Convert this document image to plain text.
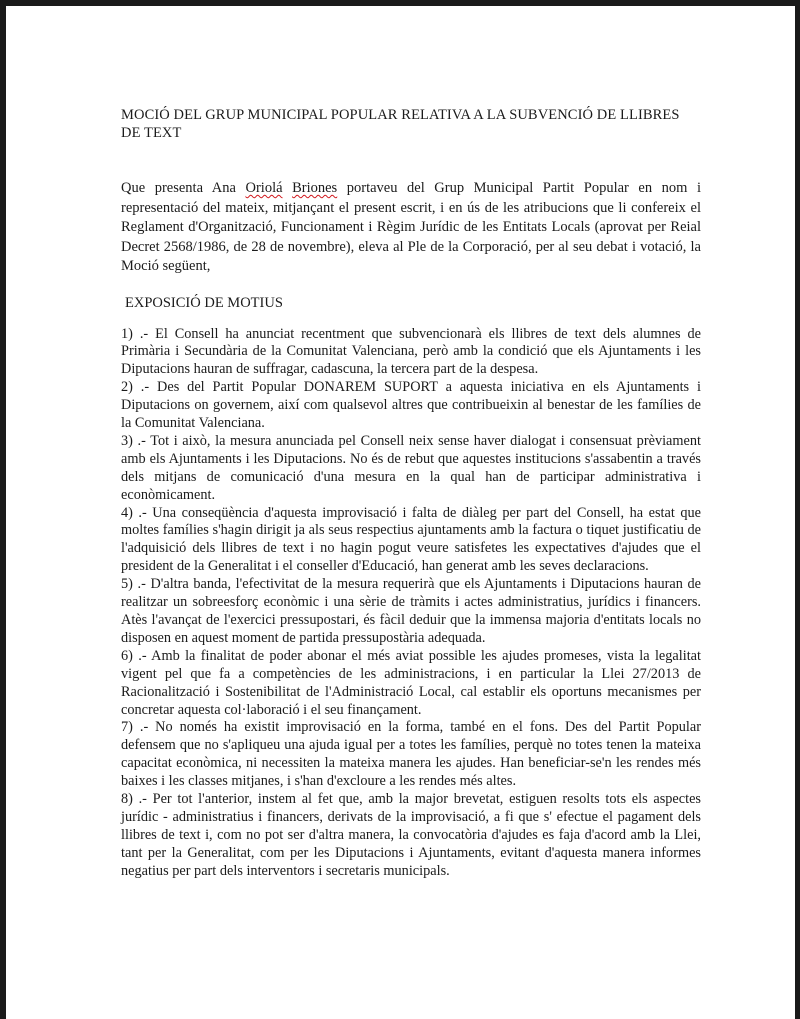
MOCIÓ DEL GRUP MUNICIPAL POPULAR RELATIVA A LA SUBVENCIÓ DE LLIBRES DE TEXT

Que presenta Ana Oriolá Briones portaveu del Grup Municipal Partit Popular en nom i representació del mateix, mitjançant el present escrit, i en ús de les atribucions que li confereix el Reglament d'Organització, Funcionament i Règim Jurídic de les Entitats Locals (aprovat per Reial Decret 2568/1986, de 28 de novembre), eleva al Ple de la Corporació, per al seu debat i votació, la Moció següent,

EXPOSICIÓ DE MOTIUS

1) .- El Consell ha anunciat recentment que subvencionarà els llibres de text dels alumnes de Primària i Secundària de la Comunitat Valenciana, però amb la condició que els Ajuntaments i les Diputacions hauran de suffragar, cadascuna, la tercera part de la despesa.

2) .- Des del Partit Popular DONAREM SUPORT a aquesta iniciativa en els Ajuntaments i Diputacions on governem, així com qualsevol altres que contribueixin al benestar de les famílies de la Comunitat Valenciana.

3) .- Tot i això, la mesura anunciada pel Consell neix sense haver dialogat i consensuat prèviament amb els Ajuntaments i les Diputacions. No és de rebut que aquestes institucions s'assabentin a través dels mitjans de comunicació d'una mesura en la qual han de participar administrativa i econòmicament.

4) .- Una conseqüència d'aquesta improvisació i falta de diàleg per part del Consell, ha estat que moltes famílies s'hagin dirigit ja als seus respectius ajuntaments amb la factura o tiquet justificatiu de l'adquisició dels llibres de text i no hagin pogut veure satisfetes les expectatives d'ajudes que el president de la Generalitat i el conseller d'Educació, han generat amb les seves declaracions.

5) .- D'altra banda, l'efectivitat de la mesura requerirà que els Ajuntaments i Diputacions hauran de realitzar un sobreesforç econòmic i una sèrie de tràmits i actes administratius, jurídics i financers. Atès l'avançat de l'exercici pressupostari, és fàcil deduir que la immensa majoria d'entitats locals no disposen en aquest moment de partida pressupostària adequada.

6) .- Amb la finalitat de poder abonar el més aviat possible les ajudes promeses, vista la legalitat vigent pel que fa a competències de les administracions, i en particular la Llei 27/2013 de Racionalització i Sostenibilitat de l'Administració Local, cal establir els oportuns mecanismes per concretar aquesta col·laboració i el seu finançament.

7) .- No només ha existit improvisació en la forma, també en el fons. Des del Partit Popular defensem que no s'apliqueu una ajuda igual per a totes les famílies, perquè no totes tenen la mateixa capacitat econòmica, ni necessiten la mateixa manera les ajudes. Han beneficiar-se'n les rendes més baixes i les classes mitjanes, i s'han d'excloure a les rendes més altes.

8) .- Per tot l'anterior, instem al fet que, amb la major brevetat, estiguen resolts tots els aspectes jurídic - administratius i financers, derivats de la improvisació, a fi que s' efectue el pagament dels llibres de text i, com no pot ser d'altra manera, la convocatòria d'ajudes es faja d'acord amb la Llei, tant per la Generalitat, com per les Diputacions i Ajuntaments, evitant d'aquesta manera informes negatius per part dels interventors i secretaris municipals.
